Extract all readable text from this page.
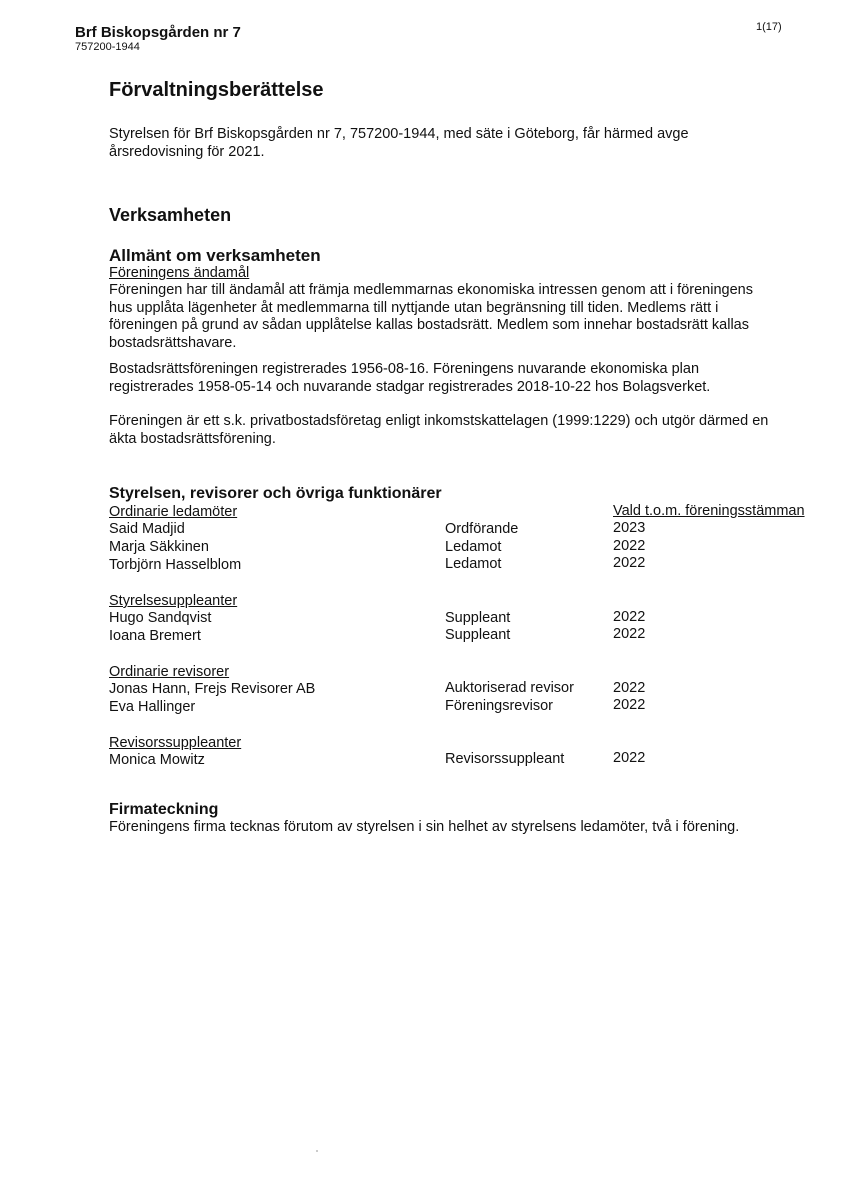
Brf Biskopsgården nr 7
757200-1944
1(17)
Förvaltningsberättelse
Styrelsen för Brf Biskopsgården nr 7, 757200-1944, med säte i Göteborg, får härmed avge årsredovisning för 2021.
Verksamheten
Allmänt om verksamheten
Föreningens ändamål
Föreningen har till ändamål att främja medlemmarnas ekonomiska intressen genom att i föreningens hus upplåta lägenheter åt medlemmarna till nyttjande utan begränsning till tiden. Medlems rätt i föreningen på grund av sådan upplåtelse kallas bostadsrätt. Medlem som innehar bostadsrätt kallas bostadsrättshavare.
Bostadsrättsföreningen registrerades 1956-08-16. Föreningens nuvarande ekonomiska plan registrerades 1958-05-14 och nuvarande stadgar registrerades 2018-10-22 hos Bolagsverket.
Föreningen är ett s.k. privatbostadsföretag enligt inkomstskattelagen (1999:1229) och utgör därmed en äkta bostadsrättsförening.
Styrelsen, revisorer och övriga funktionärer
Vald t.o.m. föreningsstämman
Ordinarie ledamöter
Said Madjid	Ordförande	2023
Marja Säkkinen	Ledamot	2022
Torbjörn Hasselblom	Ledamot	2022
Styrelsesuppleanter
Hugo Sandqvist	Suppleant	2022
Ioana Bremert	Suppleant	2022
Ordinarie revisorer
Jonas Hann, Frejs Revisorer AB	Auktoriserad revisor	2022
Eva Hallinger	Föreningsrevisor	2022
Revisorssuppleanter
Monica Mowitz	Revisorssuppleant	2022
Firmateckning
Föreningens firma tecknas förutom av styrelsen i sin helhet av styrelsens ledamöter, två i förening.
